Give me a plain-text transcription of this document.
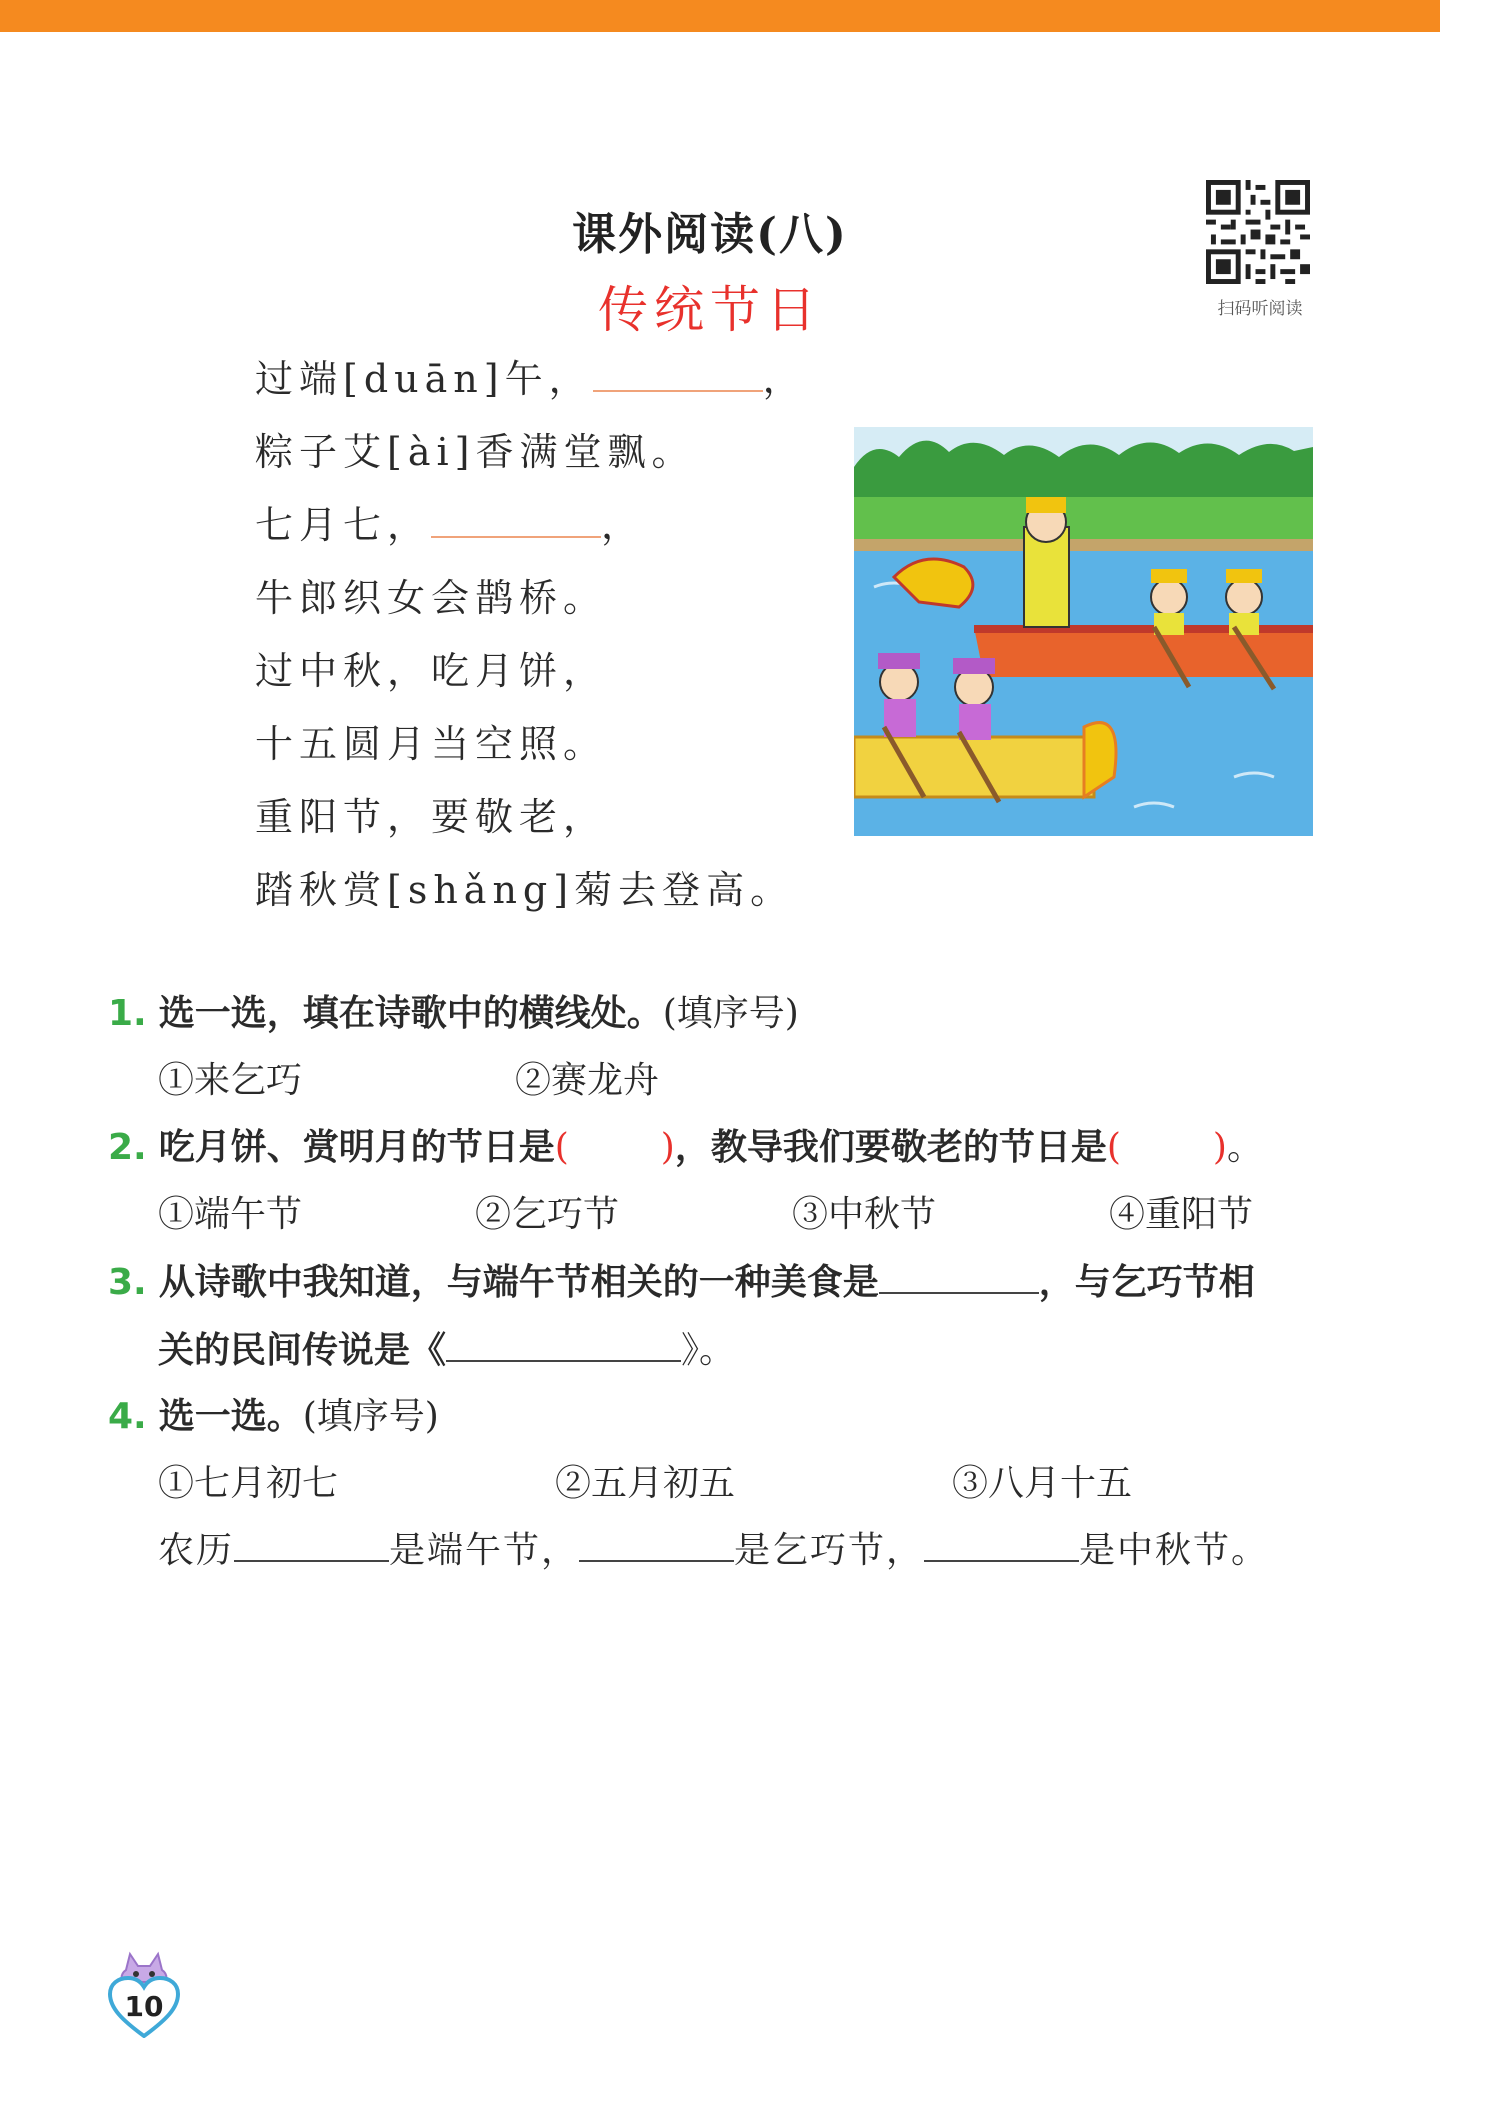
课外阅读(八)
传统节日	扫码听阅读
过端[duān]午，	，
粽子艾[ài]香满堂飘。
七月七，	，
牛郎织女会鹊桥。
过中秋，吃月饼，
十五圆月当空照。
重阳节，要敬老，
踏秋赏[shǎng]菊去登高。
1. 选一选，填在诗歌中的横线处。(填序号)
①来乞巧	②赛龙舟
2. 吃月饼、赏明月的节日是(	)，教导我们要敬老的节日是(	)。
①端午节	②乞巧节	③中秋节	④重阳节
3. 从诗歌中我知道，与端午节相关的一种美食是	，与乞巧节相
关的民间传说是《	》。
4. 选一选。(填序号)
①七月初七	②五月初五	③八月十五
农历	是端午节，	是乞巧节，	是中秋节。
10
